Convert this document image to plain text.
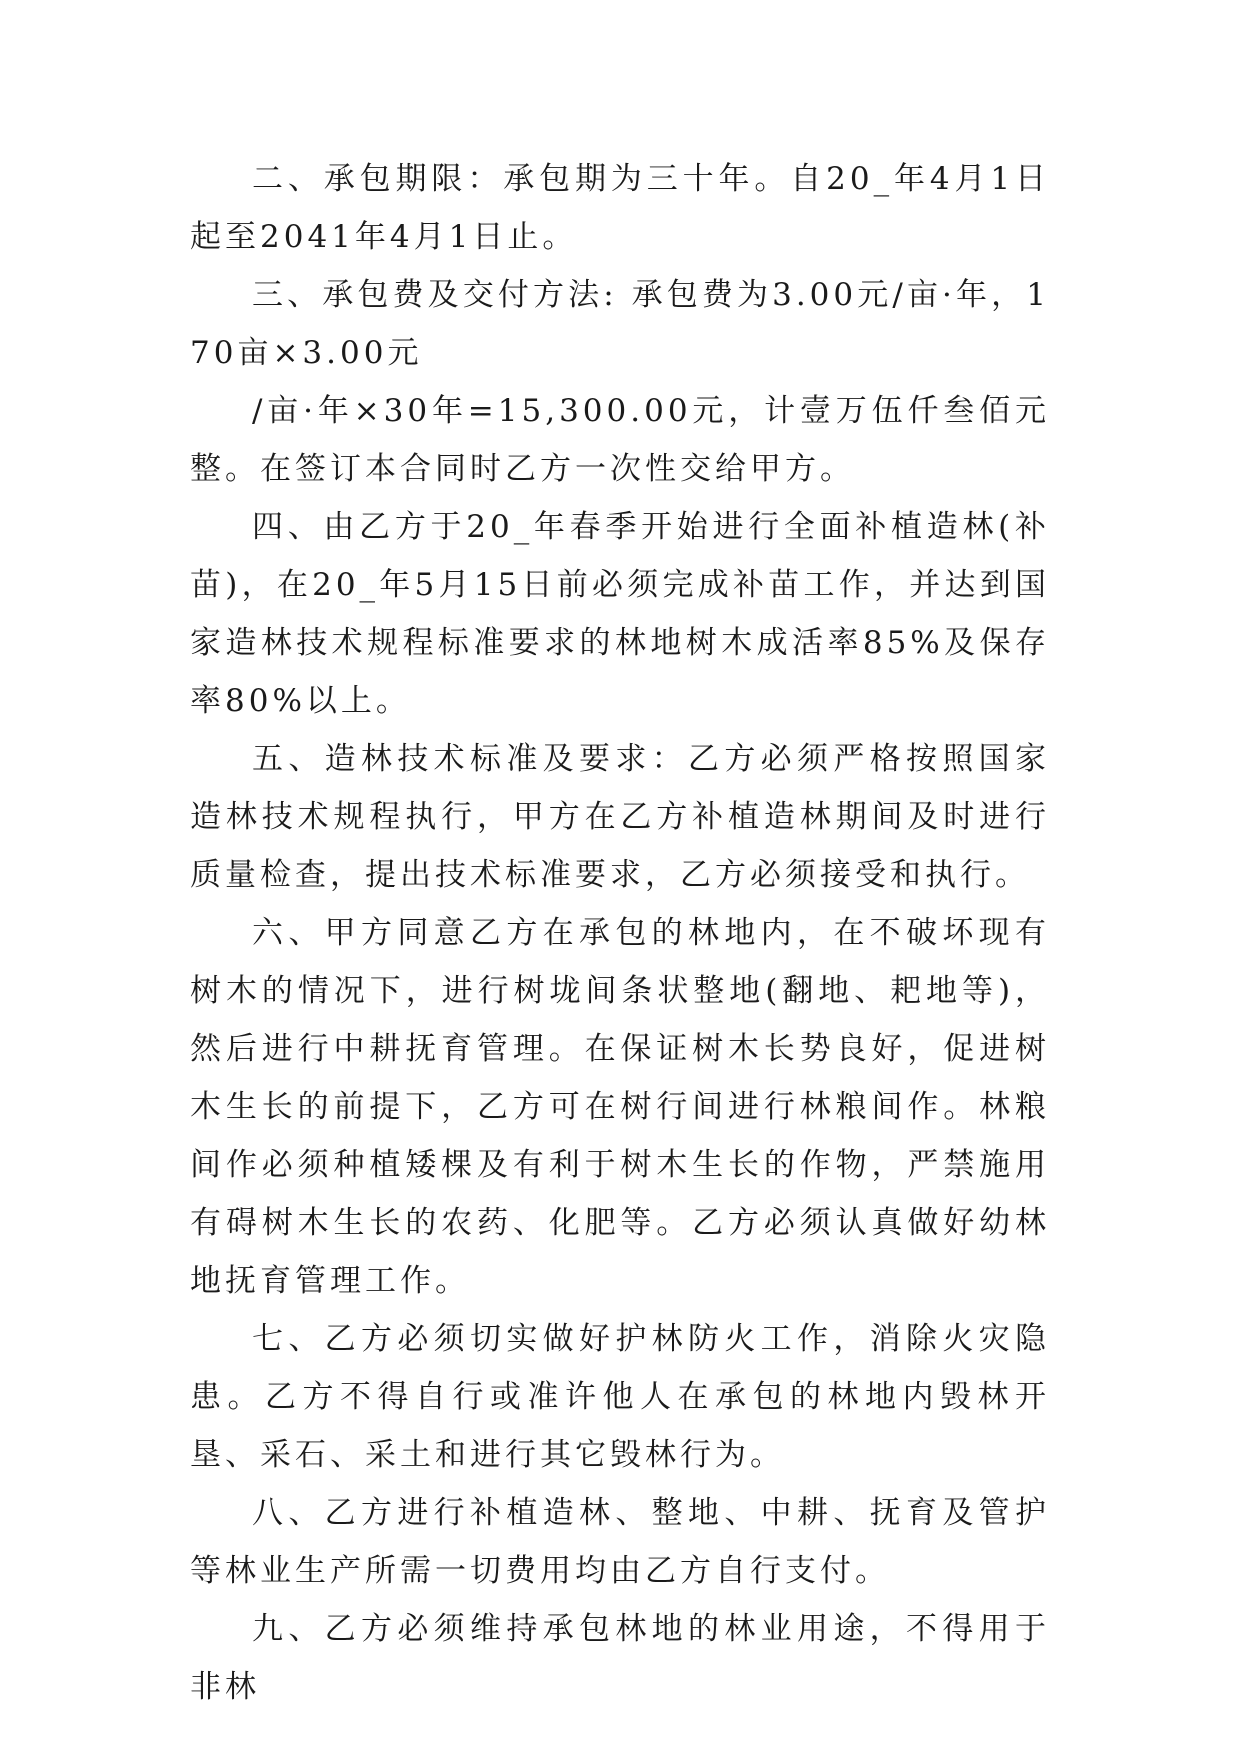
二、承包期限：承包期为三十年。自20_年4月1日起至2041年4月1日止。

三、承包费及交付方法: 承包费为3.00元/亩·年，170亩×3.00元

/亩·年×30年=15,300.00元，计壹万伍仟叁佰元整。在签订本合同时乙方一次性交给甲方。

四、由乙方于20_年春季开始进行全面补植造林(补苗)，在20_年5月15日前必须完成补苗工作，并达到国家造林技术规程标准要求的林地树木成活率85%及保存率80%以上。

五、造林技术标准及要求：乙方必须严格按照国家造林技术规程执行，甲方在乙方补植造林期间及时进行质量检查，提出技术标准要求，乙方必须接受和执行。

六、甲方同意乙方在承包的林地内，在不破坏现有树木的情况下，进行树垅间条状整地(翻地、耙地等)，然后进行中耕抚育管理。在保证树木长势良好，促进树木生长的前提下，乙方可在树行间进行林粮间作。林粮间作必须种植矮棵及有利于树木生长的作物，严禁施用有碍树木生长的农药、化肥等。乙方必须认真做好幼林地抚育管理工作。

七、乙方必须切实做好护林防火工作，消除火灾隐患。乙方不得自行或准许他人在承包的林地内毁林开垦、采石、采土和进行其它毁林行为。

八、乙方进行补植造林、整地、中耕、抚育及管护等林业生产所需一切费用均由乙方自行支付。

九、乙方必须维持承包林地的林业用途，不得用于非林
